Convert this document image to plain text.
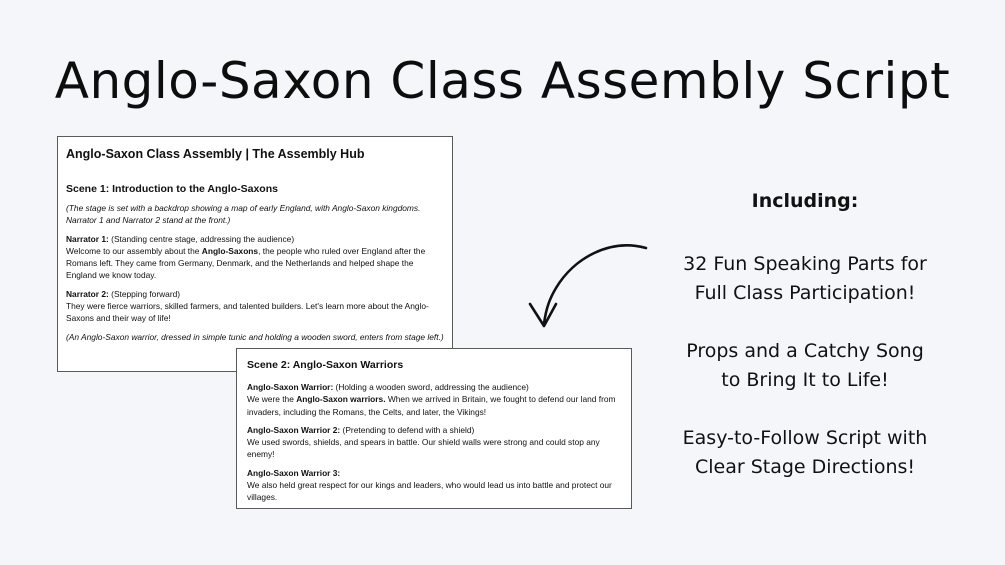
Anglo-Saxon Class Assembly Script
Anglo-Saxon Class Assembly | The Assembly Hub
Scene 1: Introduction to the Anglo-Saxons
(The stage is set with a backdrop showing a map of early England, with Anglo-Saxon kingdoms. Narrator 1 and Narrator 2 stand at the front.)
Narrator 1: (Standing centre stage, addressing the audience)
Welcome to our assembly about the Anglo-Saxons, the people who ruled over England after the Romans left. They came from Germany, Denmark, and the Netherlands and helped shape the England we know today.
Narrator 2: (Stepping forward)
They were fierce warriors, skilled farmers, and talented builders. Let's learn more about the Anglo-Saxons and their way of life!
(An Anglo-Saxon warrior, dressed in simple tunic and holding a wooden sword, enters from stage left.)
Scene 2: Anglo-Saxon Warriors
Anglo-Saxon Warrior: (Holding a wooden sword, addressing the audience)
We were the Anglo-Saxon warriors. When we arrived in Britain, we fought to defend our land from invaders, including the Romans, the Celts, and later, the Vikings!
Anglo-Saxon Warrior 2: (Pretending to defend with a shield)
We used swords, shields, and spears in battle. Our shield walls were strong and could stop any enemy!
Anglo-Saxon Warrior 3:
We also held great respect for our kings and leaders, who would lead us into battle and protect our villages.
Including:
32 Fun Speaking Parts for
Full Class Participation!
Props and a Catchy Song
to Bring It to Life!
Easy-to-Follow Script with
Clear Stage Directions!
